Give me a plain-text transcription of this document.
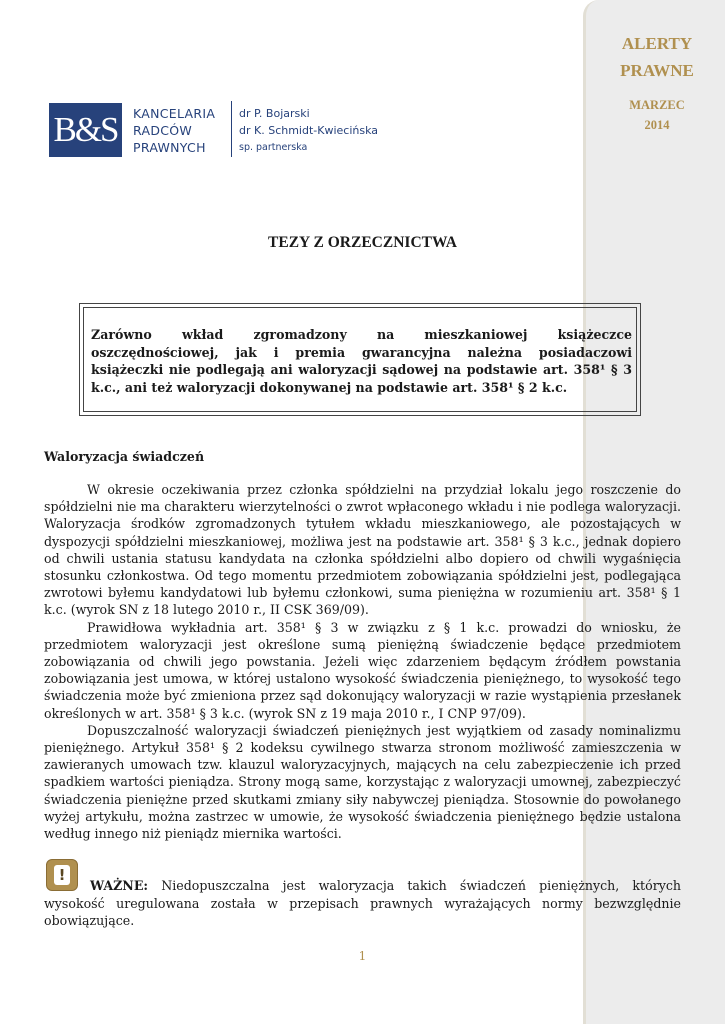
ALERTY
PRAWNE
MARZEC
2014
B&S	KANCELARIA
RADCÓW
PRAWNYCH
dr P. Bojarski
dr K. Schmidt-Kwiecińska
sp. partnerska
TEZY Z ORZECZNICTWA
Zarówno wkład zgromadzony na mieszkaniowej książeczce oszczędnościowej, jak i premia gwarancyjna należna posiadaczowi książeczki nie podlegają ani waloryzacji sądowej na podstawie art. 358¹ § 3 k.c., ani też waloryzacji dokonywanej na podstawie art. 358¹ § 2 k.c.
Waloryzacja świadczeń

W okresie oczekiwania przez członka spółdzielni na przydział lokalu jego roszczenie do spółdzielni nie ma charakteru wierzytelności o zwrot wpłaconego wkładu i nie podlega waloryzacji. Waloryzacja środków zgromadzonych tytułem wkładu mieszkaniowego, ale pozostających w dyspozycji spółdzielni mieszkaniowej, możliwa jest na podstawie art. 358¹ § 3 k.c., jednak dopiero od chwili ustania statusu kandydata na członka spółdzielni albo dopiero od chwili wygaśnięcia stosunku członkostwa. Od tego momentu przedmiotem zobowiązania spółdzielni jest, podlegająca zwrotowi byłemu kandydatowi lub byłemu członkowi, suma pieniężna w rozumieniu art. 358¹ § 1 k.c. (wyrok SN z 18 lutego 2010 r., II CSK 369/09).

Prawidłowa wykładnia art. 358¹ § 3 w związku z § 1 k.c. prowadzi do wniosku, że przedmiotem waloryzacji jest określone sumą pieniężną świadczenie będące przedmiotem zobowiązania od chwili jego powstania. Jeżeli więc zdarzeniem będącym źródłem powstania zobowiązania jest umowa, w której ustalono wysokość świadczenia pieniężnego, to wysokość tego świadczenia może być zmieniona przez sąd dokonujący waloryzacji w razie wystąpienia przesłanek określonych w art. 358¹ § 3 k.c. (wyrok SN z 19 maja 2010 r., I CNP 97/09).

Dopuszczalność waloryzacji świadczeń pieniężnych jest wyjątkiem od zasady nominalizmu pieniężnego. Artykuł 358¹ § 2 kodeksu cywilnego stwarza stronom możliwość zamieszczenia w zawieranych umowach tzw. klauzul waloryzacyjnych, mających na celu zabezpieczenie ich przed spadkiem wartości pieniądza. Strony mogą same, korzystając z waloryzacji umownej, zabezpieczyć świadczenia pieniężne przed skutkami zmiany siły nabywczej pieniądza. Stosownie do powołanego wyżej artykułu, można zastrzec w umowie, że wysokość świadczenia pieniężnego będzie ustalona według innego niż pieniądz miernika wartości.

!
WAŻNE: Niedopuszczalna jest waloryzacja takich świadczeń pieniężnych, których wysokość uregulowana została w przepisach prawnych wyrażających normy bezwzględnie obowiązujące.
1
